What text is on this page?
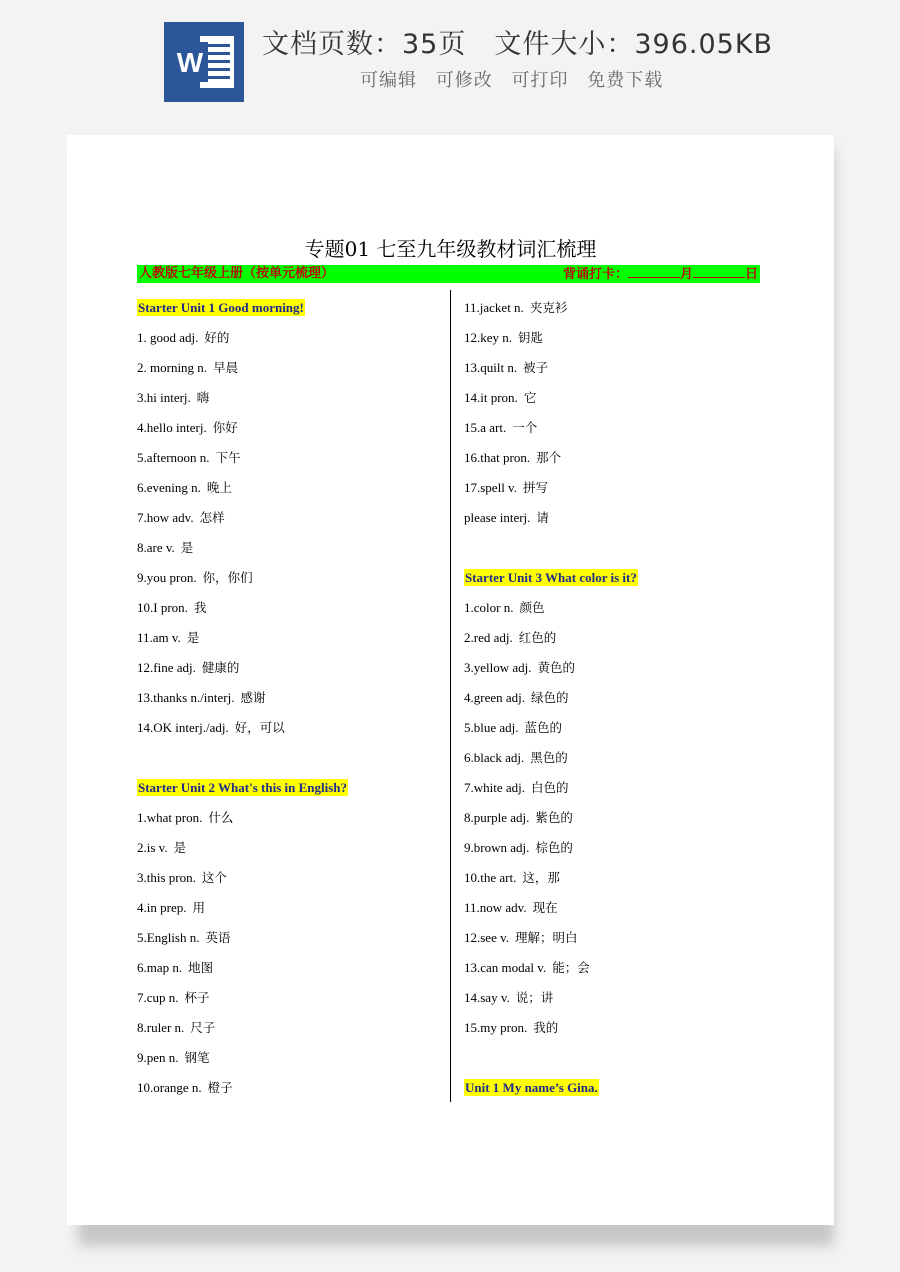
W
文档页数：35页 文件大小：396.05KB
可编辑 可修改 可打印 免费下载
专题01 七至九年级教材词汇梳理
人教版七年级上册（按单元梳理）	背诵打卡：	月	日
Starter Unit 1 Good morning!
1. good adj. 好的
2. morning n. 早晨
3.hi interj. 嗨
4.hello interj. 你好
5.afternoon n. 下午
6.evening n. 晚上
7.how adv. 怎样
8.are v. 是
9.you pron. 你，你们
10.I pron. 我
11.am v. 是
12.fine adj. 健康的
13.thanks n./interj. 感谢
14.OK interj./adj. 好，可以
Starter Unit 2 What's this in English?
1.what pron. 什么
2.is v. 是
3.this pron. 这个
4.in prep. 用
5.English n. 英语
6.map n. 地图
7.cup n. 杯子
8.ruler n. 尺子
9.pen n. 钢笔
10.orange n. 橙子
11.jacket n. 夹克衫
12.key n. 钥匙
13.quilt n. 被子
14.it pron. 它
15.a art. 一个
16.that pron. 那个
17.spell v. 拼写
please interj. 请
Starter Unit 3 What color is it?
1.color n. 颜色
2.red adj. 红色的
3.yellow adj. 黄色的
4.green adj. 绿色的
5.blue adj. 蓝色的
6.black adj. 黑色的
7.white adj. 白色的
8.purple adj. 紫色的
9.brown adj. 棕色的
10.the art. 这，那
11.now adv. 现在
12.see v. 理解；明白
13.can modal v. 能；会
14.say v. 说；讲
15.my pron. 我的
Unit 1 My name’s Gina.
